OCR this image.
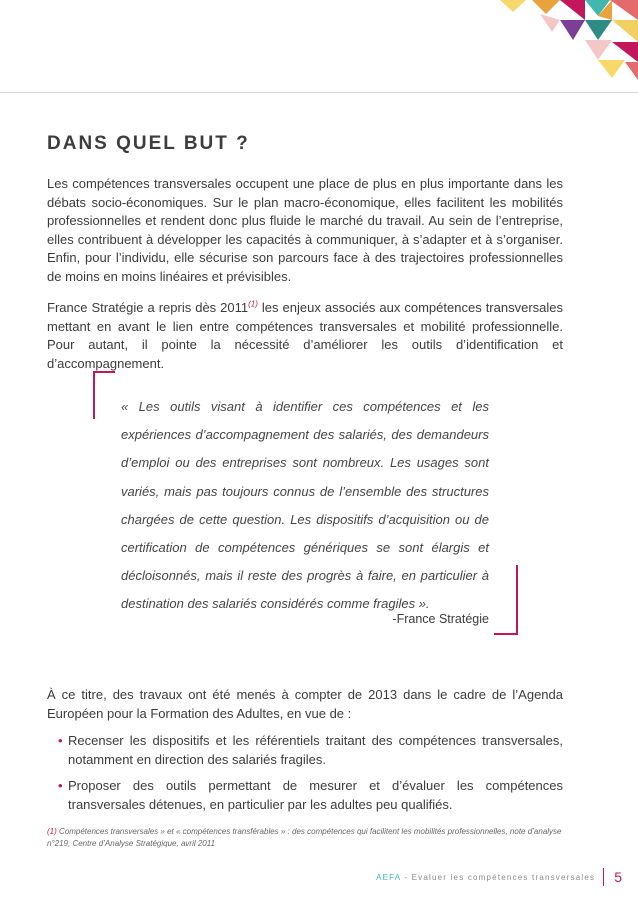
DANS QUEL BUT ?

Les compétences transversales occupent une place de plus en plus importante dans les débats socio-économiques. Sur le plan macro-économique, elles facilitent les mobilités professionnelles et rendent donc plus fluide le marché du travail. Au sein de l’entreprise, elles contribuent à développer les capacités à communiquer, à s’adapter et à s’organiser. Enfin, pour l’individu, elle sécurise son parcours face à des trajectoires professionnelles de moins en moins linéaires et prévisibles.

France Stratégie a repris dès 2011$^{(1)}$ les enjeux associés aux compétences transversales mettant en avant le lien entre compétences transversales et mobilité professionnelle. Pour autant, il pointe la nécessité d’améliorer les outils d’identification et d’accompagnement.

« Les outils visant à identifier ces compétences et les expériences d’accompagnement des salariés, des demandeurs d’emploi ou des entreprises sont nombreux. Les usages sont variés, mais pas toujours connus de l’ensemble des structures chargées de cette question. Les dispositifs d’acquisition ou de certification de compétences génériques se sont élargis et décloisonnés, mais il reste des progrès à faire, en particulier à destination des salariés considérés comme fragiles ».

-France Stratégie

À ce titre, des travaux ont été menés à compter de 2013 dans le cadre de l’Agenda Européen pour la Formation des Adultes, en vue de :

• Recenser les dispositifs et les référentiels traitant des compétences transversales, notamment en direction des salariés fragiles.
• Proposer des outils permettant de mesurer et d’évaluer les compétences transversales détenues, en particulier par les adultes peu qualifiés.

(1) Compétences transversales » et « compétences transférables » : des compétences qui facilitent les mobilités professionnelles, note d’analyse n°219, Centre d’Analyse Stratégique, avril 2011

AEFA - Evaluer les compétences transversales 5
